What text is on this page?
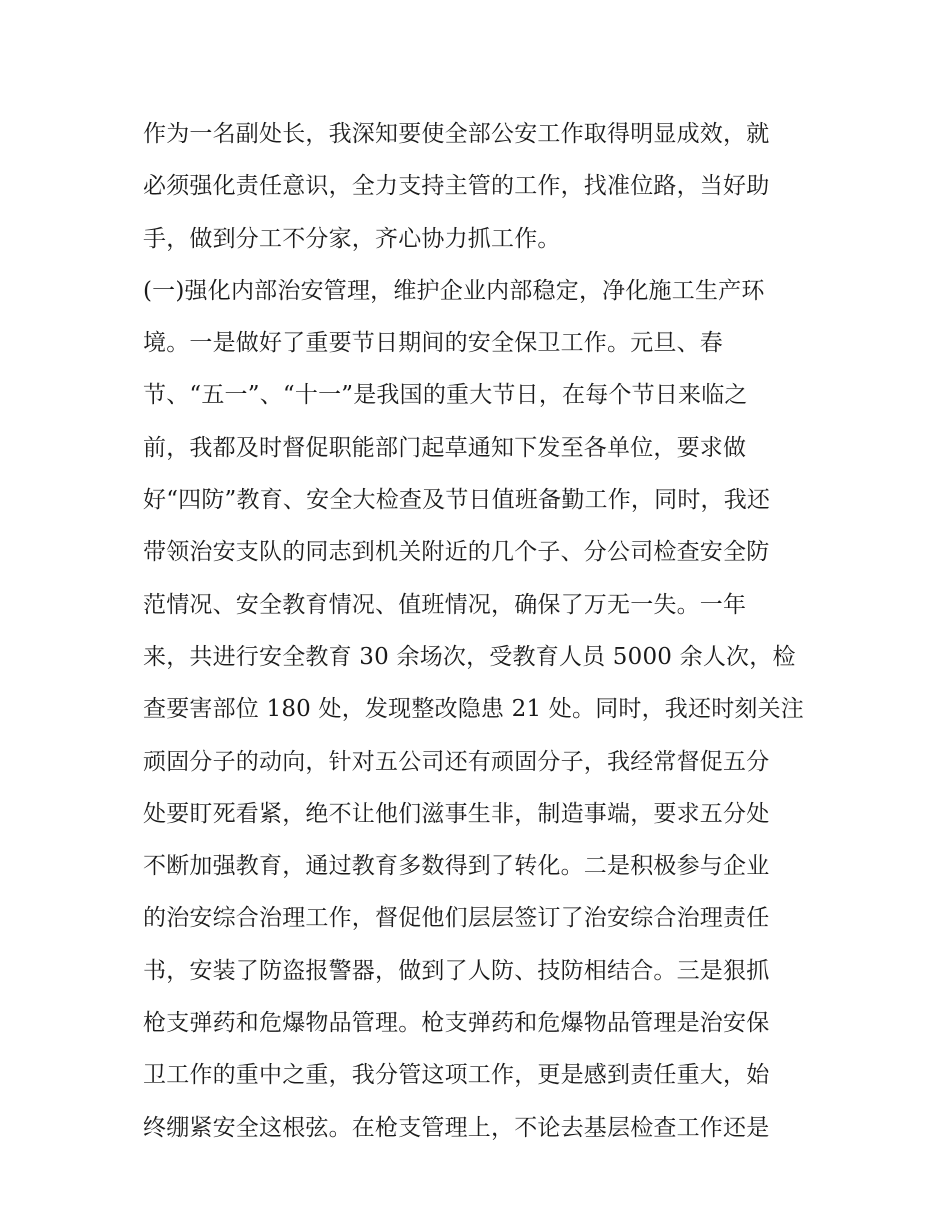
作为一名副处长，我深知要使全部公安工作取得明显成效，就
必须强化责任意识，全力支持主管的工作，找准位路，当好助
手，做到分工不分家，齐心协力抓工作。
(一)强化内部治安管理，维护企业内部稳定，净化施工生产环
境。一是做好了重要节日期间的安全保卫工作。元旦、春
节、“五一”、“十一”是我国的重大节日，在每个节日来临之
前，我都及时督促职能部门起草通知下发至各单位，要求做
好“四防”教育、安全大检查及节日值班备勤工作，同时，我还
带领治安支队的同志到机关附近的几个子、分公司检查安全防
范情况、安全教育情况、值班情况，确保了万无一失。一年
来，共进行安全教育 30 余场次，受教育人员 5000 余人次，检
查要害部位 180 处，发现整改隐患 21 处。同时，我还时刻关注
顽固分子的动向，针对五公司还有顽固分子，我经常督促五分
处要盯死看紧，绝不让他们滋事生非，制造事端，要求五分处
不断加强教育，通过教育多数得到了转化。二是积极参与企业
的治安综合治理工作，督促他们层层签订了治安综合治理责任
书，安装了防盗报警器，做到了人防、技防相结合。三是狠抓
枪支弹药和危爆物品管理。枪支弹药和危爆物品管理是治安保
卫工作的重中之重，我分管这项工作，更是感到责任重大，始
终绷紧安全这根弦。在枪支管理上，不论去基层检查工作还是
